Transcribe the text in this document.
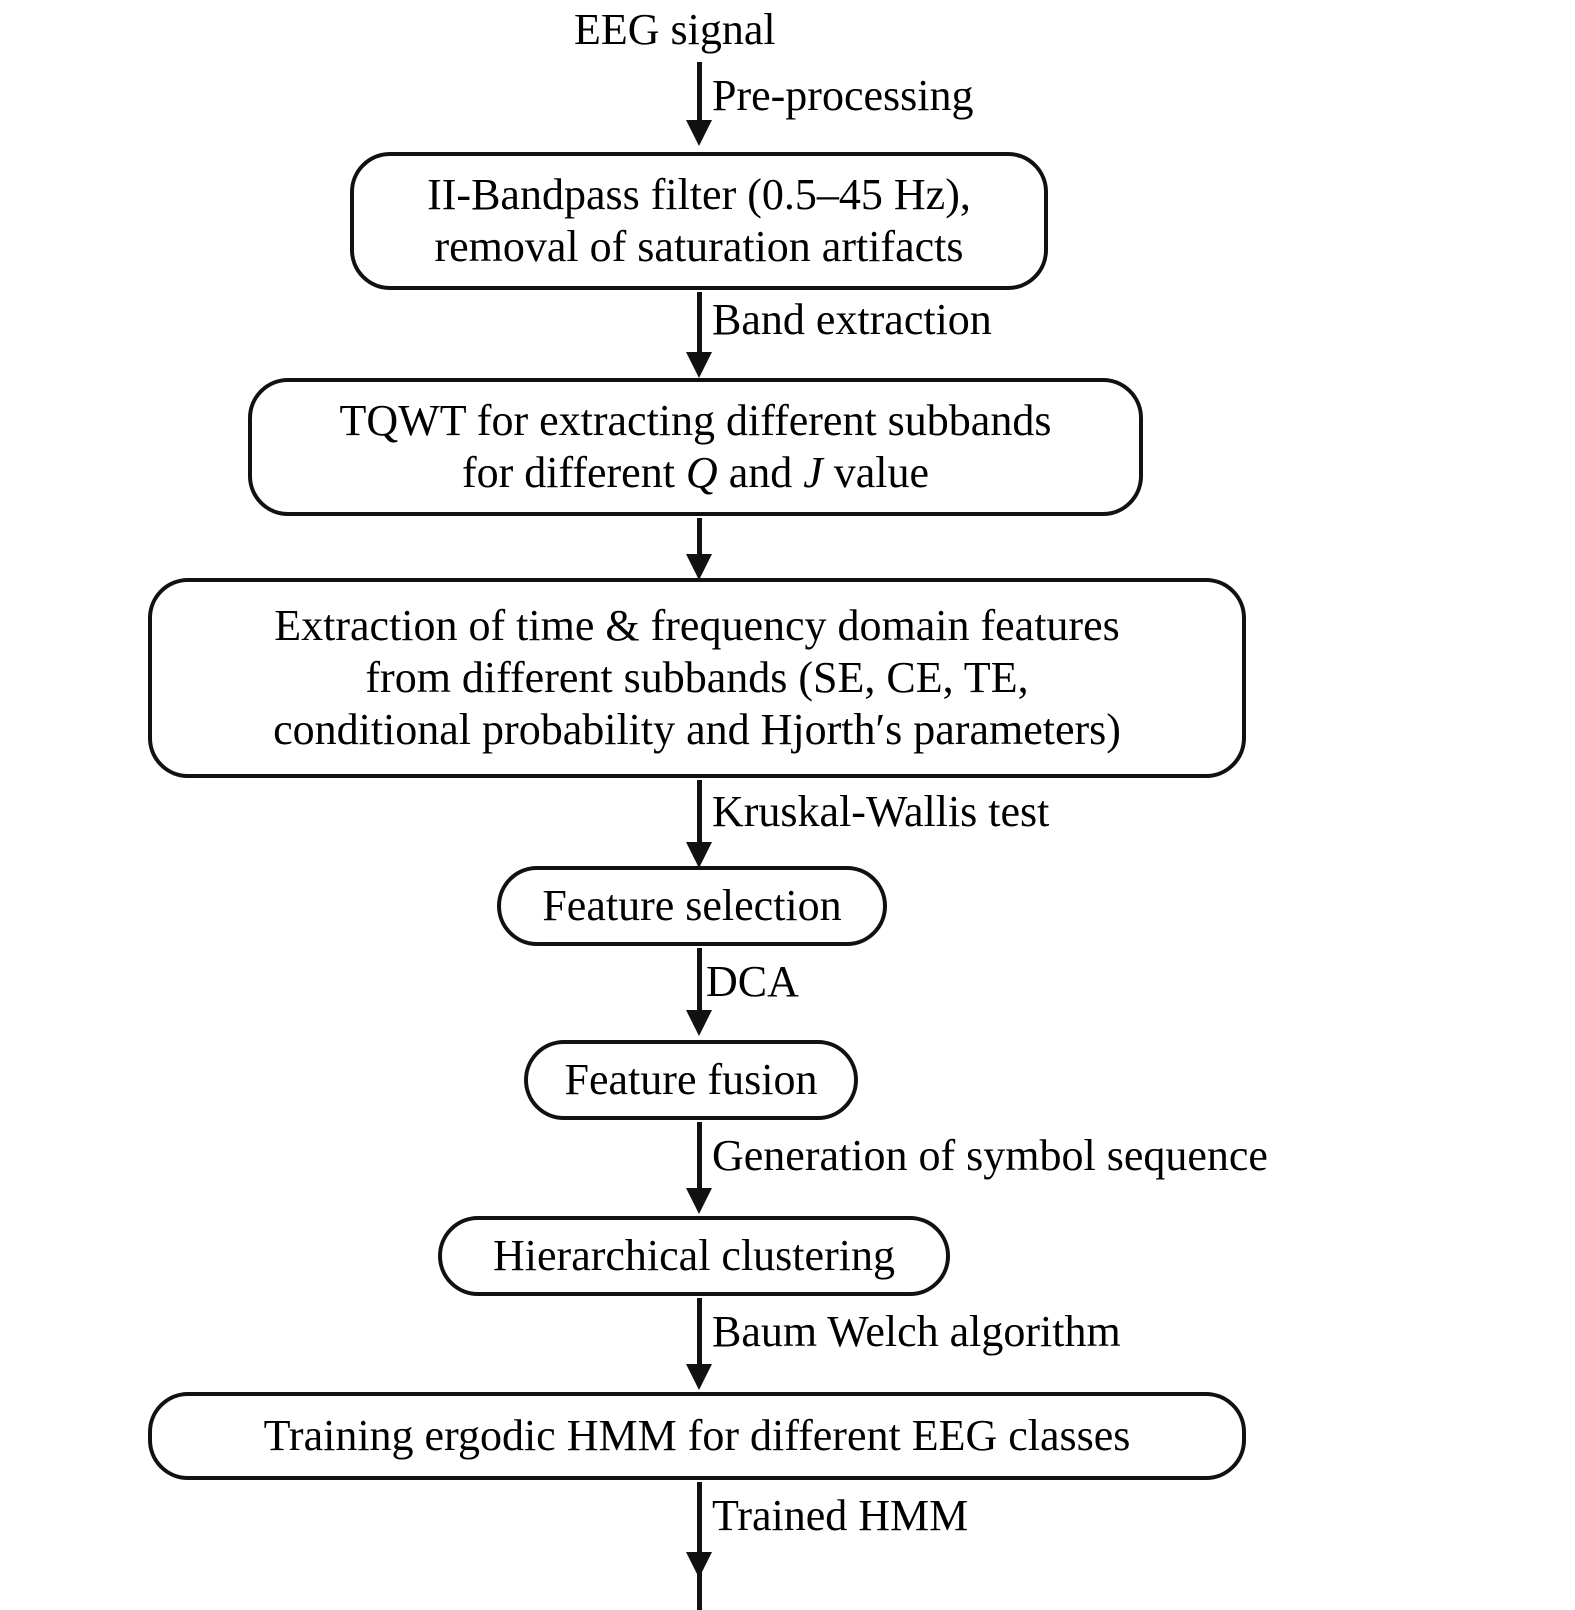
EEG signal
Pre-processing
II-Bandpass filter (0.5–45 Hz),
removal of saturation artifacts
Band extraction
TQWT for extracting different subbands
for different Q and J value
Extraction of time & frequency domain features
from different subbands (SE, CE, TE,
conditional probability and Hjorth′s parameters)
Kruskal-Wallis test
Feature selection
DCA
Feature fusion
Generation of symbol sequence
Hierarchical clustering
Baum Welch algorithm
Training ergodic HMM for different EEG classes
Trained HMM
